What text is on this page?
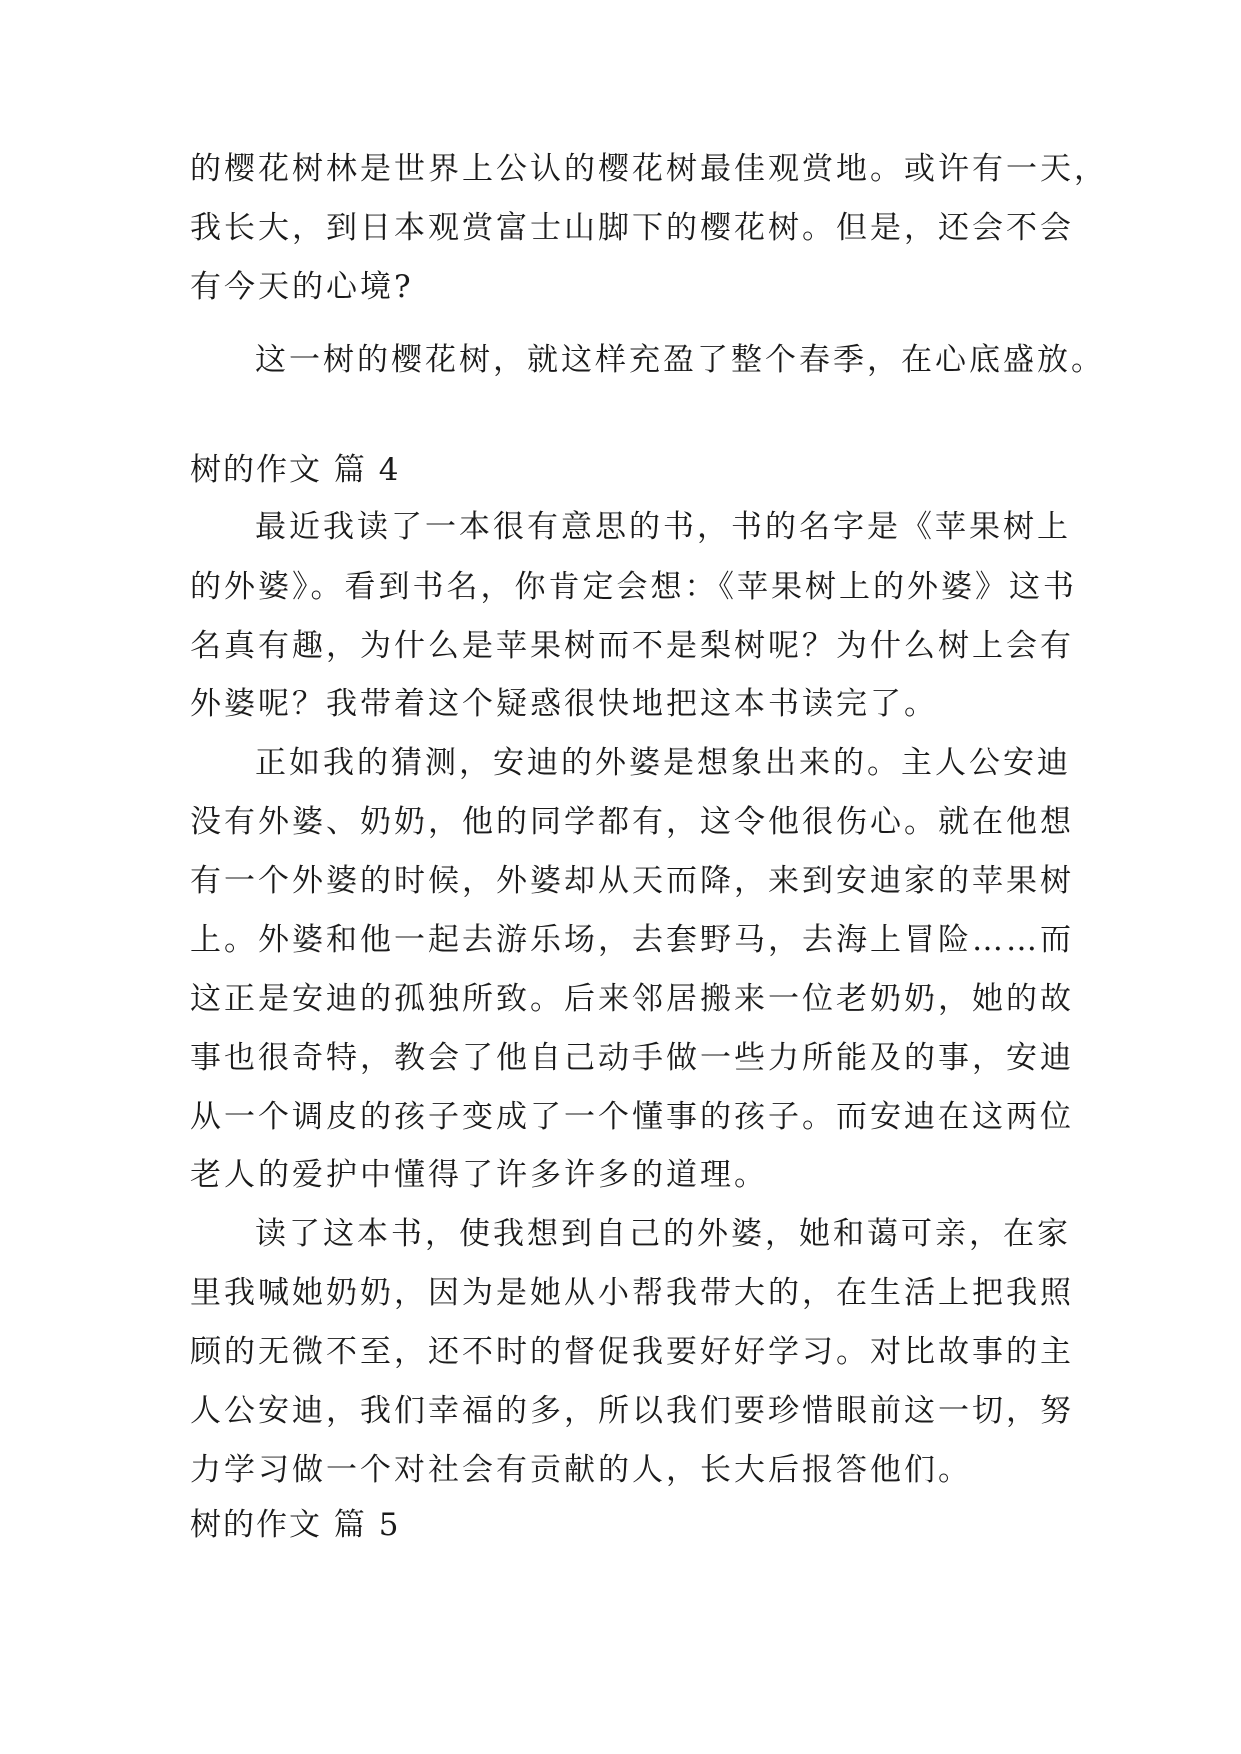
的樱花树林是世界上公认的樱花树最佳观赏地。或许有一天，
我长大，到日本观赏富士山脚下的樱花树。但是，还会不会
有今天的心境?
这一树的樱花树，就这样充盈了整个春季，在心底盛放。
树的作文 篇 4
最近我读了一本很有意思的书，书的名字是《苹果树上
的外婆》。看到书名，你肯定会想：《苹果树上的外婆》这书
名真有趣，为什么是苹果树而不是梨树呢？为什么树上会有
外婆呢？我带着这个疑惑很快地把这本书读完了。
正如我的猜测，安迪的外婆是想象出来的。主人公安迪
没有外婆、奶奶，他的同学都有，这令他很伤心。就在他想
有一个外婆的时候，外婆却从天而降，来到安迪家的苹果树
上。外婆和他一起去游乐场，去套野马，去海上冒险……而
这正是安迪的孤独所致。后来邻居搬来一位老奶奶，她的故
事也很奇特，教会了他自己动手做一些力所能及的事，安迪
从一个调皮的孩子变成了一个懂事的孩子。而安迪在这两位
老人的爱护中懂得了许多许多的道理。
读了这本书，使我想到自己的外婆，她和蔼可亲，在家
里我喊她奶奶，因为是她从小帮我带大的，在生活上把我照
顾的无微不至，还不时的督促我要好好学习。对比故事的主
人公安迪，我们幸福的多，所以我们要珍惜眼前这一切，努
力学习做一个对社会有贡献的人，长大后报答他们。
树的作文 篇 5
